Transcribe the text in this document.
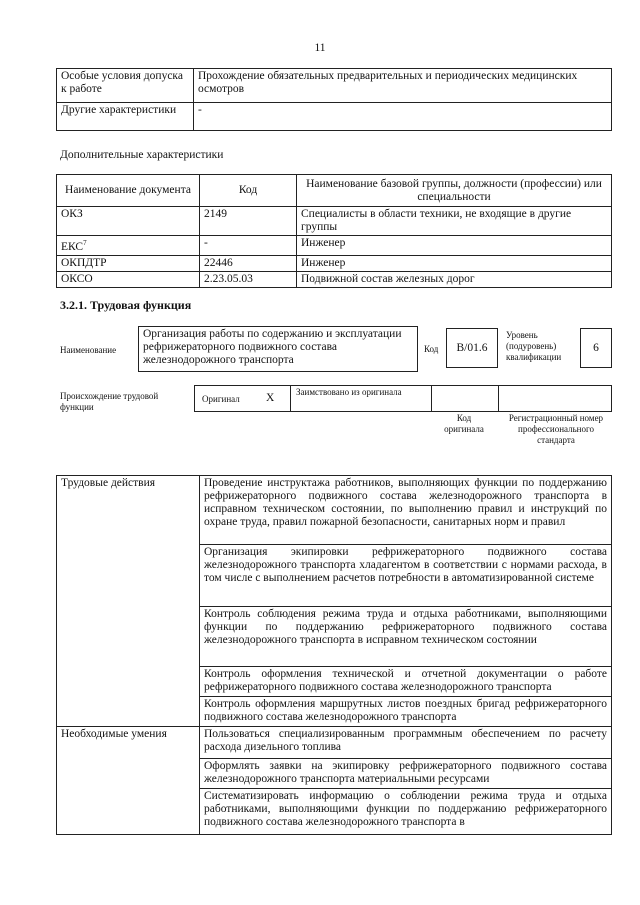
11
Особые условия допуска к работе	Прохождение обязательных предварительных и периодических медицинских осмотров
Другие характеристики	-
Дополнительные характеристики
Наименование документа	Код	Наименование базовой группы, должности (профессии) или специальности
ОКЗ	2149	Специалисты в области техники, не входящие в другие группы
ЕКС$^7$	-	Инженер
ОКПДТР	22446	Инженер
ОКСО	2.23.05.03	Подвижной состав железных дорог
3.2.1. Трудовая функция
Наименование
Организация работы по содержанию и эксплуатации рефрижераторного подвижного состава железнодорожного транспорта
Код	B/01.6
Уровень (подуровень) квалификации
6
Происхождение трудовой функции
Оригинал X Заимствовано из оригинала
Код оригинала
Регистрационный номер профессионального стандарта
Трудовые действия	Проведение инструктажа работников, выполняющих функции по поддержанию рефрижераторного подвижного состава железнодорожного транспорта в исправном техническом состоянии, по выполнению правил и инструкций по охране труда, правил пожарной безопасности, санитарных норм и правил
	Организация экипировки рефрижераторного подвижного состава железнодорожного транспорта хладагентом в соответствии с нормами расхода, в том числе с выполнением расчетов потребности в автоматизированной системе
	Контроль соблюдения режима труда и отдыха работниками, выполняющими функции по поддержанию рефрижераторного подвижного состава железнодорожного транспорта в исправном техническом состоянии
	Контроль оформления технической и отчетной документации о работе рефрижераторного подвижного состава железнодорожного транспорта
	Контроль оформления маршрутных листов поездных бригад рефрижераторного подвижного состава железнодорожного транспорта
Необходимые умения	Пользоваться специализированным программным обеспечением по расчету расхода дизельного топлива
	Оформлять заявки на экипировку рефрижераторного подвижного состава железнодорожного транспорта материальными ресурсами
	Систематизировать информацию о соблюдении режима труда и отдыха работниками, выполняющими функции по поддержанию рефрижераторного подвижного состава железнодорожного транспорта в
